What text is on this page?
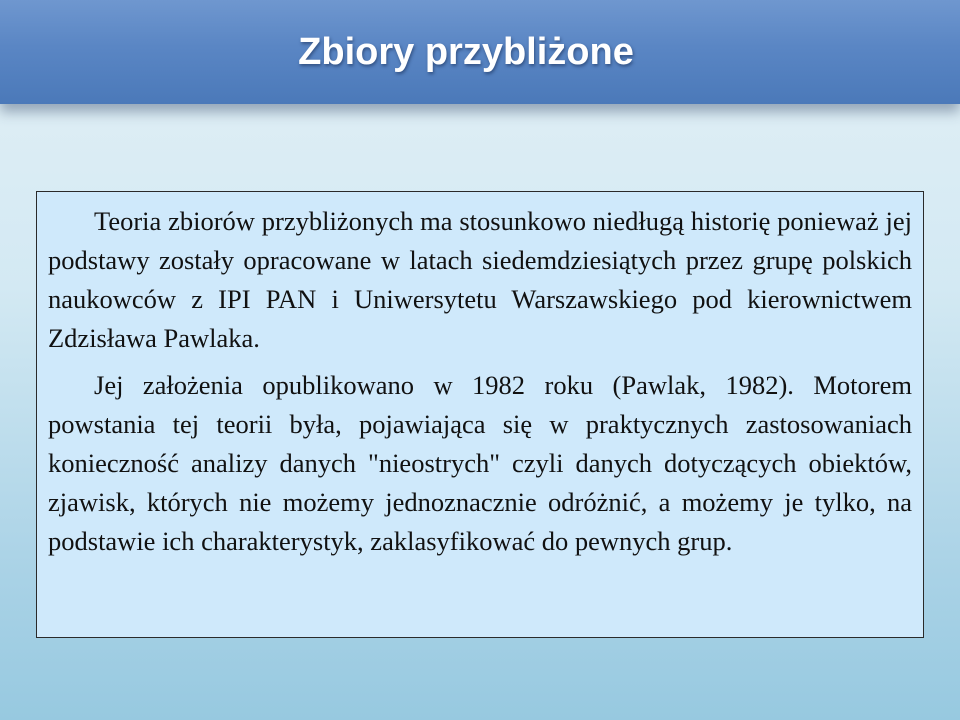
Zbiory przybliżone

Teoria zbiorów przybliżonych ma stosunkowo niedługą historię ponieważ jej podstawy zostały opracowane w latach siedemdziesiątych przez grupę polskich naukowców z IPI PAN i Uniwersytetu Warszawskiego pod kierownictwem Zdzisława Pawlaka.

Jej założenia opublikowano w 1982 roku (Pawlak, 1982). Motorem powstania tej teorii była, pojawiająca się w praktycznych zastosowaniach konieczność analizy danych "nieostrych" czyli danych dotyczących obiektów, zjawisk, których nie możemy jednoznacznie odróżnić, a możemy je tylko, na podstawie ich charakterystyk, zaklasyfikować do pewnych grup.
